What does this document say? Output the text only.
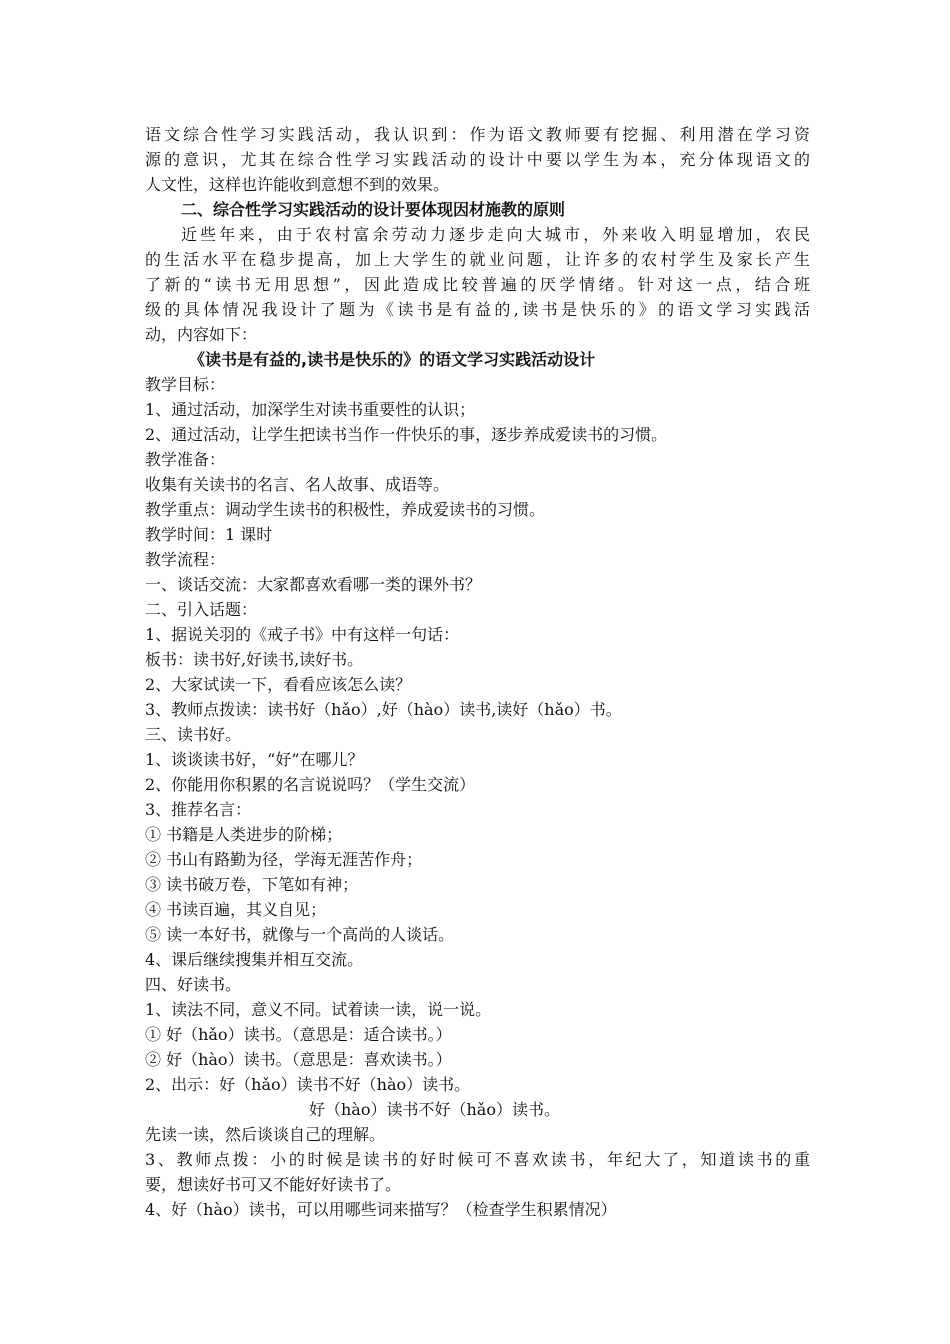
语文综合性学习实践活动，我认识到：作为语文教师要有挖掘、利用潜在学习资
源的意识，尤其在综合性学习实践活动的设计中要以学生为本，充分体现语文的
人文性，这样也许能收到意想不到的效果。
二、综合性学习实践活动的设计要体现因材施教的原则
近些年来，由于农村富余劳动力逐步走向大城市，外来收入明显增加，农民
的生活水平在稳步提高，加上大学生的就业问题，让许多的农村学生及家长产生
了新的“读书无用思想”，因此造成比较普遍的厌学情绪。针对这一点，结合班
级的具体情况我设计了题为《读书是有益的,读书是快乐的》的语文学习实践活
动，内容如下：
《读书是有益的,读书是快乐的》的语文学习实践活动设计
教学目标：
1、通过活动，加深学生对读书重要性的认识；
2、通过活动，让学生把读书当作一件快乐的事，逐步养成爱读书的习惯。
教学准备：
收集有关读书的名言、名人故事、成语等。
教学重点：调动学生读书的积极性，养成爱读书的习惯。
教学时间：1 课时
教学流程：
一、谈话交流：大家都喜欢看哪一类的课外书？
二、引入话题：
1、据说关羽的《戒子书》中有这样一句话：
板书：读书好,好读书,读好书。
2、大家试读一下，看看应该怎么读？
3、教师点拨读：读书好（hǎo）,好（hào）读书,读好（hǎo）书。
三、读书好。
1、谈谈读书好，“好”在哪儿？
2、你能用你积累的名言说说吗？（学生交流）
3、推荐名言：
① 书籍是人类进步的阶梯；
② 书山有路勤为径，学海无涯苦作舟；
③ 读书破万卷，下笔如有神；
④ 书读百遍，其义自见；
⑤ 读一本好书，就像与一个高尚的人谈话。
4、课后继续搜集并相互交流。
四、好读书。
1、读法不同，意义不同。试着读一读，说一说。
① 好（hǎo）读书。（意思是：适合读书。）
② 好（hào）读书。（意思是：喜欢读书。）
2、出示：好（hǎo）读书不好（hào）读书。
好（hào）读书不好（hǎo）读书。
先读一读，然后谈谈自己的理解。
3、教师点拨：小的时候是读书的好时候可不喜欢读书，年纪大了，知道读书的重
要，想读好书可又不能好好读书了。
4、好（hào）读书，可以用哪些词来描写？（检查学生积累情况）
